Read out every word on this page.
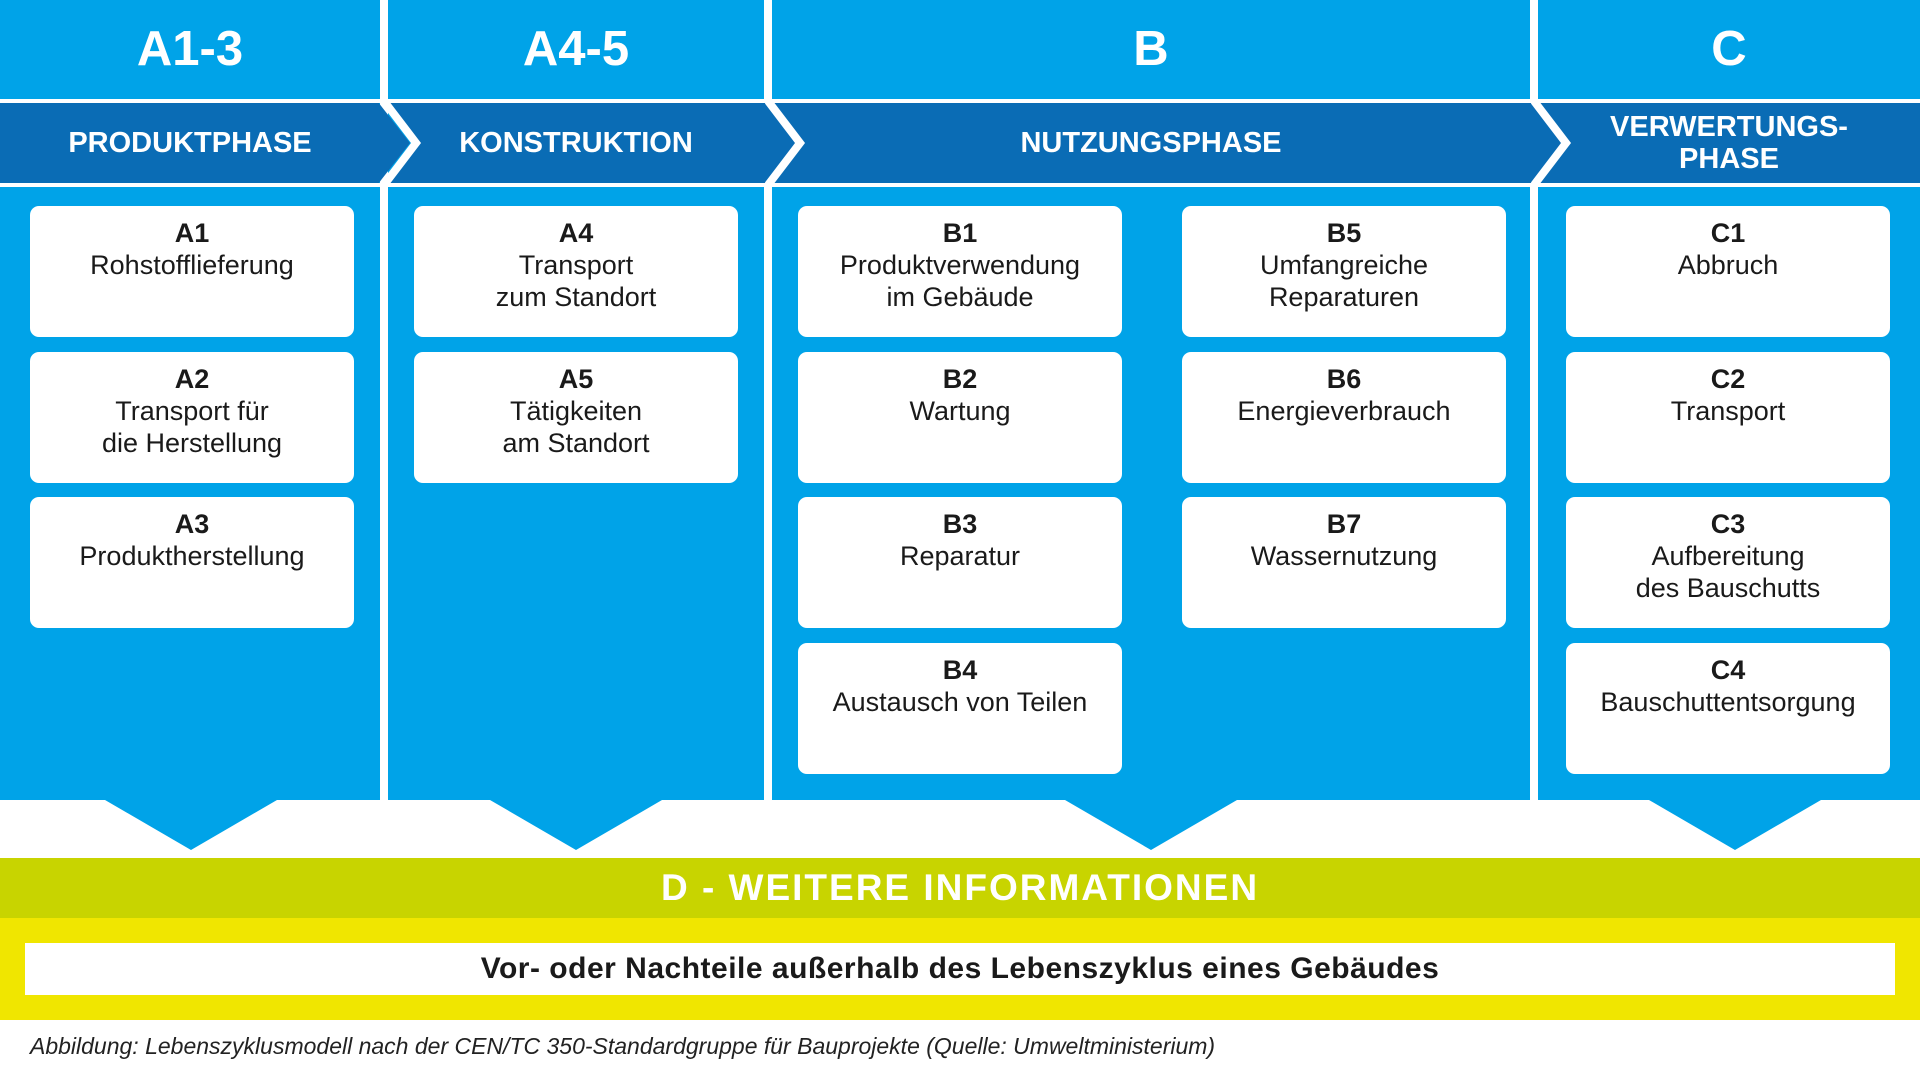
A1-3	A4-5	B	C
PRODUKTPHASE	KONSTRUKTION	NUTZUNGSPHASE	VERWERTUNGS-
PHASE
A1
Rohstofflieferung
A2
Transport für
die Herstellung
A3
Produktherstellung
A4
Transport
zum Standort
A5
Tätigkeiten
am Standort
B1
Produktverwendung
im Gebäude
B2
Wartung
B3
Reparatur
B4
Austausch von Teilen
B5
Umfangreiche
Reparaturen
B6
Energieverbrauch
B7
Wassernutzung
C1
Abbruch
C2
Transport
C3
Aufbereitung
des Bauschutts
C4
Bauschuttentsorgung
D - WEITERE INFORMATIONEN
Vor- oder Nachteile außerhalb des Lebenszyklus eines Gebäudes
Abbildung: Lebenszyklusmodell nach der CEN/TC 350-Standardgruppe für Bauprojekte (Quelle: Umweltministerium)
